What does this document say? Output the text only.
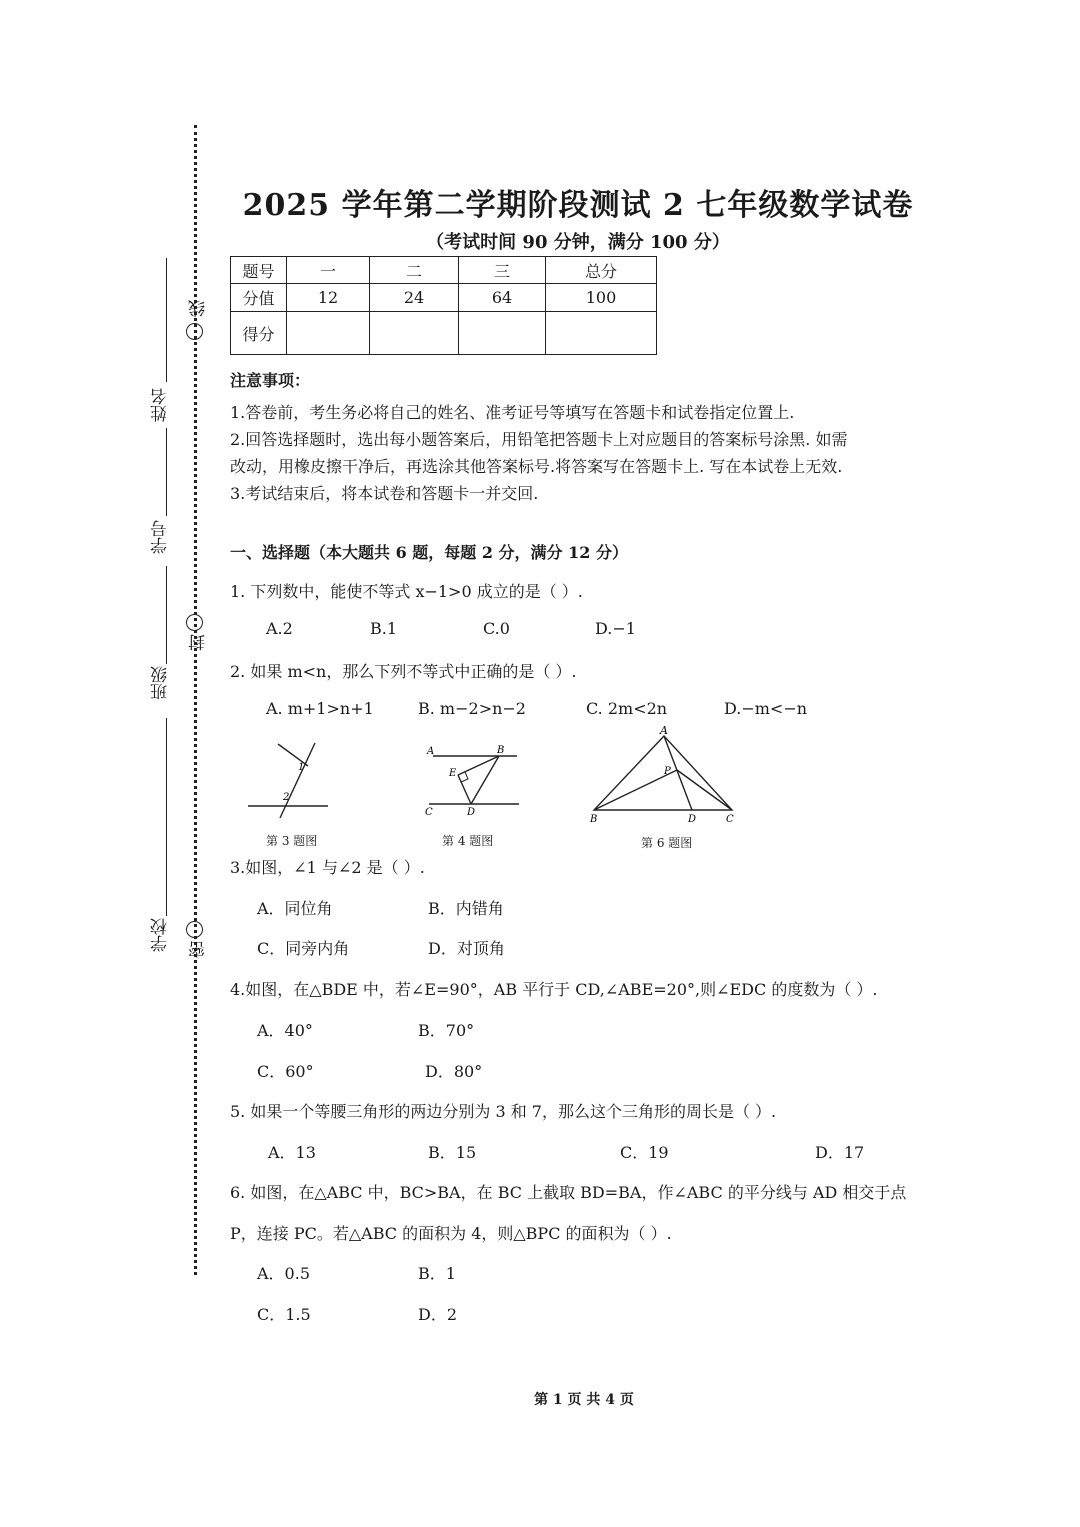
姓名
学号
班级
学校
线
封
密
2025 学年第二学期阶段测试 2 七年级数学试卷
（考试时间 90 分钟，满分 100 分）
题号	一	二	三	总分
分值	12	24	64	100
得分				
注意事项：
1.答卷前，考生务必将自己的姓名、准考证号等填写在答题卡和试卷指定位置上.
2.回答选择题时，选出每小题答案后，用铅笔把答题卡上对应题目的答案标号涂黑. 如需
改动，用橡皮擦干净后，再选涂其他答案标号.将答案写在答题卡上. 写在本试卷上无效.
3.考试结束后，将本试卷和答题卡一并交回.
一、选择题（本大题共 6 题，每题 2 分，满分 12 分）
1. 下列数中，能使不等式 x−1>0 成立的是（ ）.
A.2	B.1	C.0	D.−1
2. 如果 m<n，那么下列不等式中正确的是（ ）.
A. m+1>n+1	B. m−2>n−2	C. 2m<2n	D.−m<−n
1
2
第 3 题图
A	B
E
C	D
第 4 题图
A
P
B	D	C
第 6 题图
3.如图，∠1 与∠2 是（ ）.
A．同位角	B．内错角
C．同旁内角	D．对顶角
4.如图，在△BDE 中，若∠E=90°，AB 平行于 CD,∠ABE=20°,则∠EDC 的度数为（ ）.
A．40°	B．70°
C．60°	D．80°
5. 如果一个等腰三角形的两边分别为 3 和 7，那么这个三角形的周长是（ ）.
A．13	B．15	C．19	D．17
6. 如图，在△ABC 中，BC>BA，在 BC 上截取 BD=BA，作∠ABC 的平分线与 AD 相交于点
P，连接 PC。若△ABC 的面积为 4，则△BPC 的面积为（ ）.
A．0.5	B．1
C．1.5	D．2
第 1 页 共 4 页
